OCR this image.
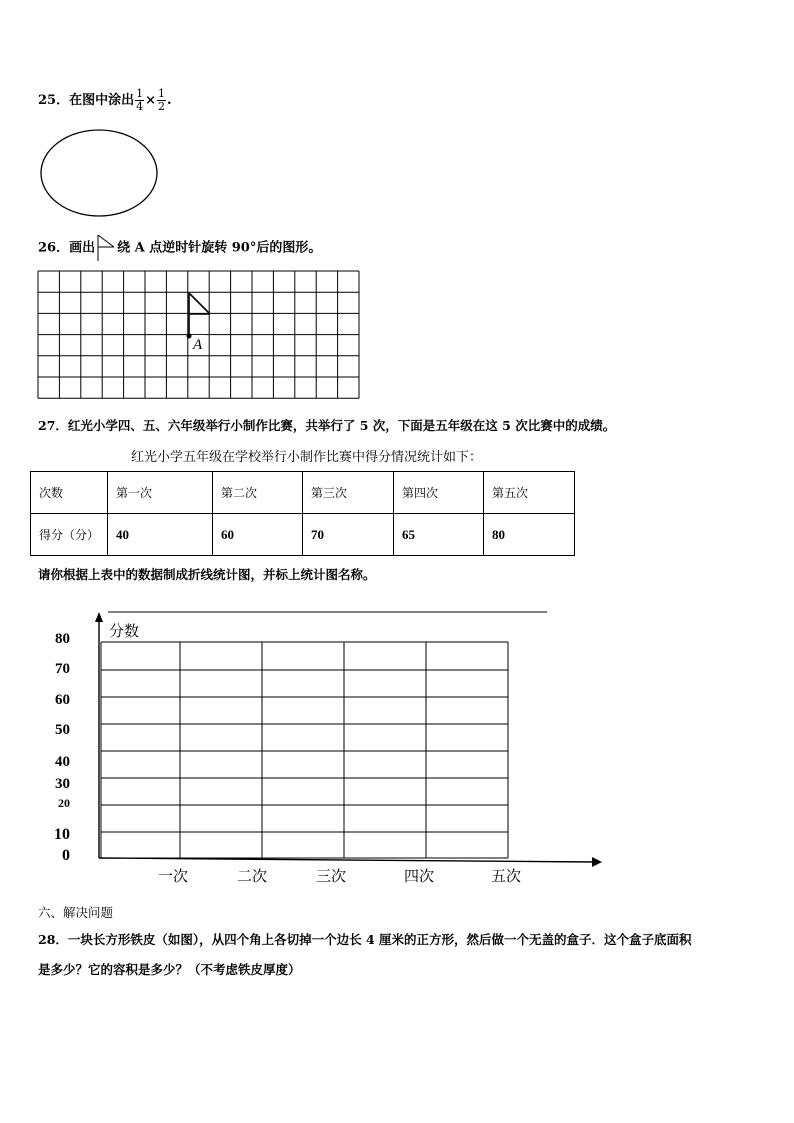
25．在图中涂出 $\frac{1}{4} \times \frac{1}{2}$ .
26．画出 绕 A 点逆时针旋转 90°后的图形。
A
27．红光小学四、五、六年级举行小制作比赛，共举行了 5 次，下面是五年级在这 5 次比赛中的成绩。
红光小学五年级在学校举行小制作比赛中得分情况统计如下：
次数	第一次	第二次	第三次	第四次	第五次
得分（分）	40	60	70	65	80
请你根据上表中的数据制成折线统计图，并标上统计图名称。
分数
80
70
60
50
40
30
20
10
0
一次	二次	三次	四次	五次
六、解决问题
28．一块长方形铁皮（如图），从四个角上各切掉一个边长 4 厘米的正方形，然后做一个无盖的盒子．这个盒子底面积
是多少？它的容积是多少？（不考虑铁皮厚度）
